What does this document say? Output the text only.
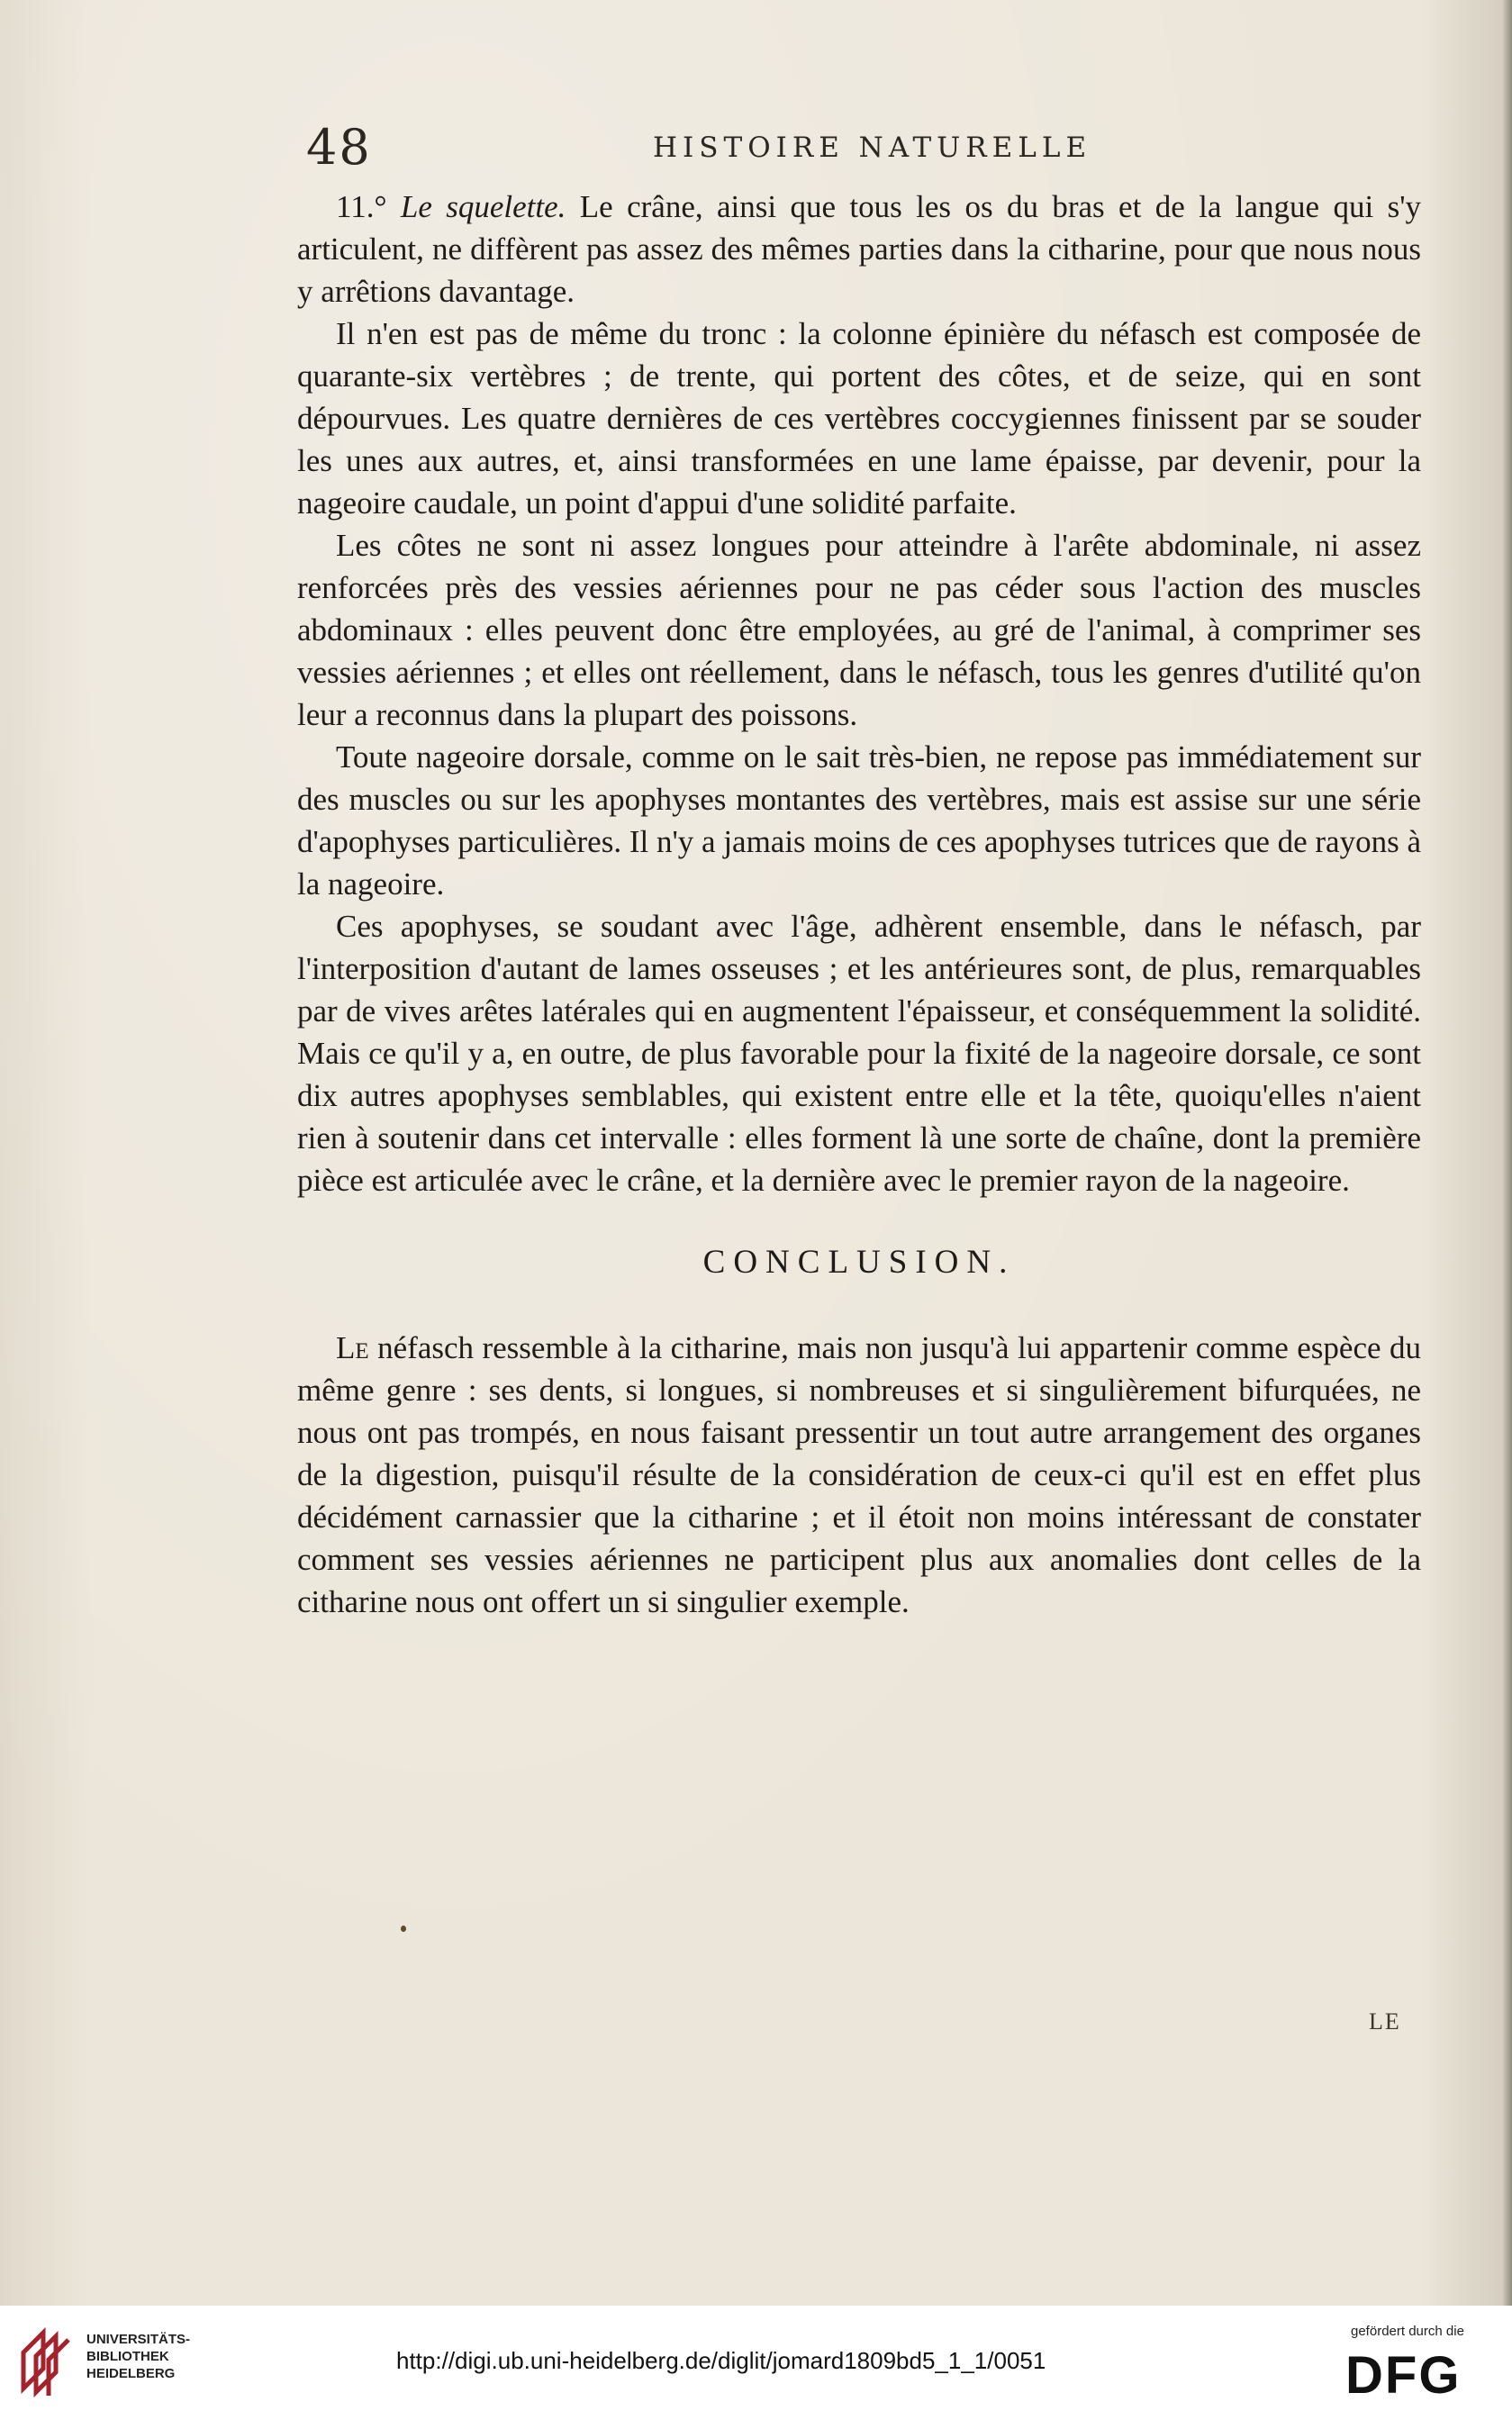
48	HISTOIRE NATURELLE

11.° Le squelette. Le crâne, ainsi que tous les os du bras et de la langue qui s'y articulent, ne diffèrent pas assez des mêmes parties dans la citharine, pour que nous nous y arrêtions davantage.

Il n'en est pas de même du tronc : la colonne épinière du néfasch est composée de quarante-six vertèbres ; de trente, qui portent des côtes, et de seize, qui en sont dépourvues. Les quatre dernières de ces vertèbres coccygiennes finissent par se souder les unes aux autres, et, ainsi transformées en une lame épaisse, par devenir, pour la nageoire caudale, un point d'appui d'une solidité parfaite.

Les côtes ne sont ni assez longues pour atteindre à l'arête abdominale, ni assez renforcées près des vessies aériennes pour ne pas céder sous l'action des muscles abdominaux : elles peuvent donc être employées, au gré de l'animal, à comprimer ses vessies aériennes ; et elles ont réellement, dans le néfasch, tous les genres d'utilité qu'on leur a reconnus dans la plupart des poissons.

Toute nageoire dorsale, comme on le sait très-bien, ne repose pas immédiatement sur des muscles ou sur les apophyses montantes des vertèbres, mais est assise sur une série d'apophyses particulières. Il n'y a jamais moins de ces apophyses tutrices que de rayons à la nageoire.

Ces apophyses, se soudant avec l'âge, adhèrent ensemble, dans le néfasch, par l'interposition d'autant de lames osseuses ; et les antérieures sont, de plus, remarquables par de vives arêtes latérales qui en augmentent l'épaisseur, et conséquemment la solidité. Mais ce qu'il y a, en outre, de plus favorable pour la fixité de la nageoire dorsale, ce sont dix autres apophyses semblables, qui existent entre elle et la tête, quoiqu'elles n'aient rien à soutenir dans cet intervalle : elles forment là une sorte de chaîne, dont la première pièce est articulée avec le crâne, et la dernière avec le premier rayon de la nageoire.

CONCLUSION.

Le néfasch ressemble à la citharine, mais non jusqu'à lui appartenir comme espèce du même genre : ses dents, si longues, si nombreuses et si singulièrement bifurquées, ne nous ont pas trompés, en nous faisant pressentir un tout autre arrangement des organes de la digestion, puisqu'il résulte de la considération de ceux-ci qu'il est en effet plus décidément carnassier que la citharine ; et il étoit non moins intéressant de constater comment ses vessies aériennes ne participent plus aux anomalies dont celles de la citharine nous ont offert un si singulier exemple.

LE
UNIVERSITÄTS-
BIBLIOTHEK
HEIDELBERG	http://digi.ub.uni-heidelberg.de/diglit/jomard1809bd5_1_1/0051
gefördert durch die
DFG
